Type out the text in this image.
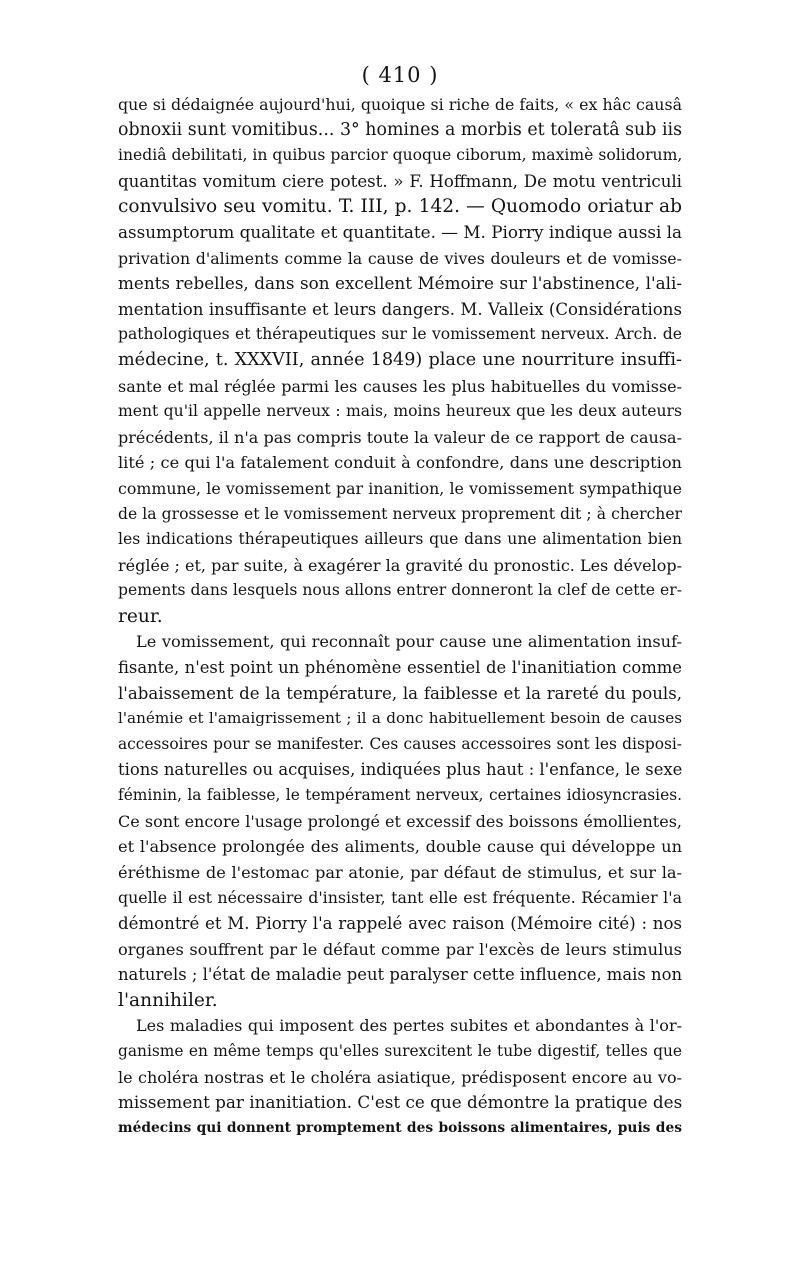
( 410 )
que si dédaignée aujourd'hui, quoique si riche de faits, « ex hâc causâ
obnoxii sunt vomitibus... 3° homines a morbis et toleratâ sub iis
inediâ debilitati, in quibus parcior quoque ciborum, maximè solidorum,
quantitas vomitum ciere potest. » F. Hoffmann, De motu ventriculi
convulsivo seu vomitu. T. III, p. 142. — Quomodo oriatur ab
assumptorum qualitate et quantitate. — M. Piorry indique aussi la
privation d'aliments comme la cause de vives douleurs et de vomisse-
ments rebelles, dans son excellent Mémoire sur l'abstinence, l'ali-
mentation insuffisante et leurs dangers. M. Valleix (Considérations
pathologiques et thérapeutiques sur le vomissement nerveux. Arch. de
médecine, t. XXXVII, année 1849) place une nourriture insuffi-
sante et mal réglée parmi les causes les plus habituelles du vomisse-
ment qu'il appelle nerveux : mais, moins heureux que les deux auteurs
précédents, il n'a pas compris toute la valeur de ce rapport de causa-
lité ; ce qui l'a fatalement conduit à confondre, dans une description
commune, le vomissement par inanition, le vomissement sympathique
de la grossesse et le vomissement nerveux proprement dit ; à chercher
les indications thérapeutiques ailleurs que dans une alimentation bien
réglée ; et, par suite, à exagérer la gravité du pronostic. Les dévelop-
pements dans lesquels nous allons entrer donneront la clef de cette er-
reur.
Le vomissement, qui reconnaît pour cause une alimentation insuf-
fisante, n'est point un phénomène essentiel de l'inanitiation comme
l'abaissement de la température, la faiblesse et la rareté du pouls,
l'anémie et l'amaigrissement ; il a donc habituellement besoin de causes
accessoires pour se manifester. Ces causes accessoires sont les disposi-
tions naturelles ou acquises, indiquées plus haut : l'enfance, le sexe
féminin, la faiblesse, le tempérament nerveux, certaines idiosyncrasies.
Ce sont encore l'usage prolongé et excessif des boissons émollientes,
et l'absence prolongée des aliments, double cause qui développe un
éréthisme de l'estomac par atonie, par défaut de stimulus, et sur la-
quelle il est nécessaire d'insister, tant elle est fréquente. Récamier l'a
démontré et M. Piorry l'a rappelé avec raison (Mémoire cité) : nos
organes souffrent par le défaut comme par l'excès de leurs stimulus
naturels ; l'état de maladie peut paralyser cette influence, mais non
l'annihiler.
Les maladies qui imposent des pertes subites et abondantes à l'or-
ganisme en même temps qu'elles surexcitent le tube digestif, telles que
le choléra nostras et le choléra asiatique, prédisposent encore au vo-
missement par inanitiation. C'est ce que démontre la pratique des
médecins qui donnent promptement des boissons alimentaires, puis des
